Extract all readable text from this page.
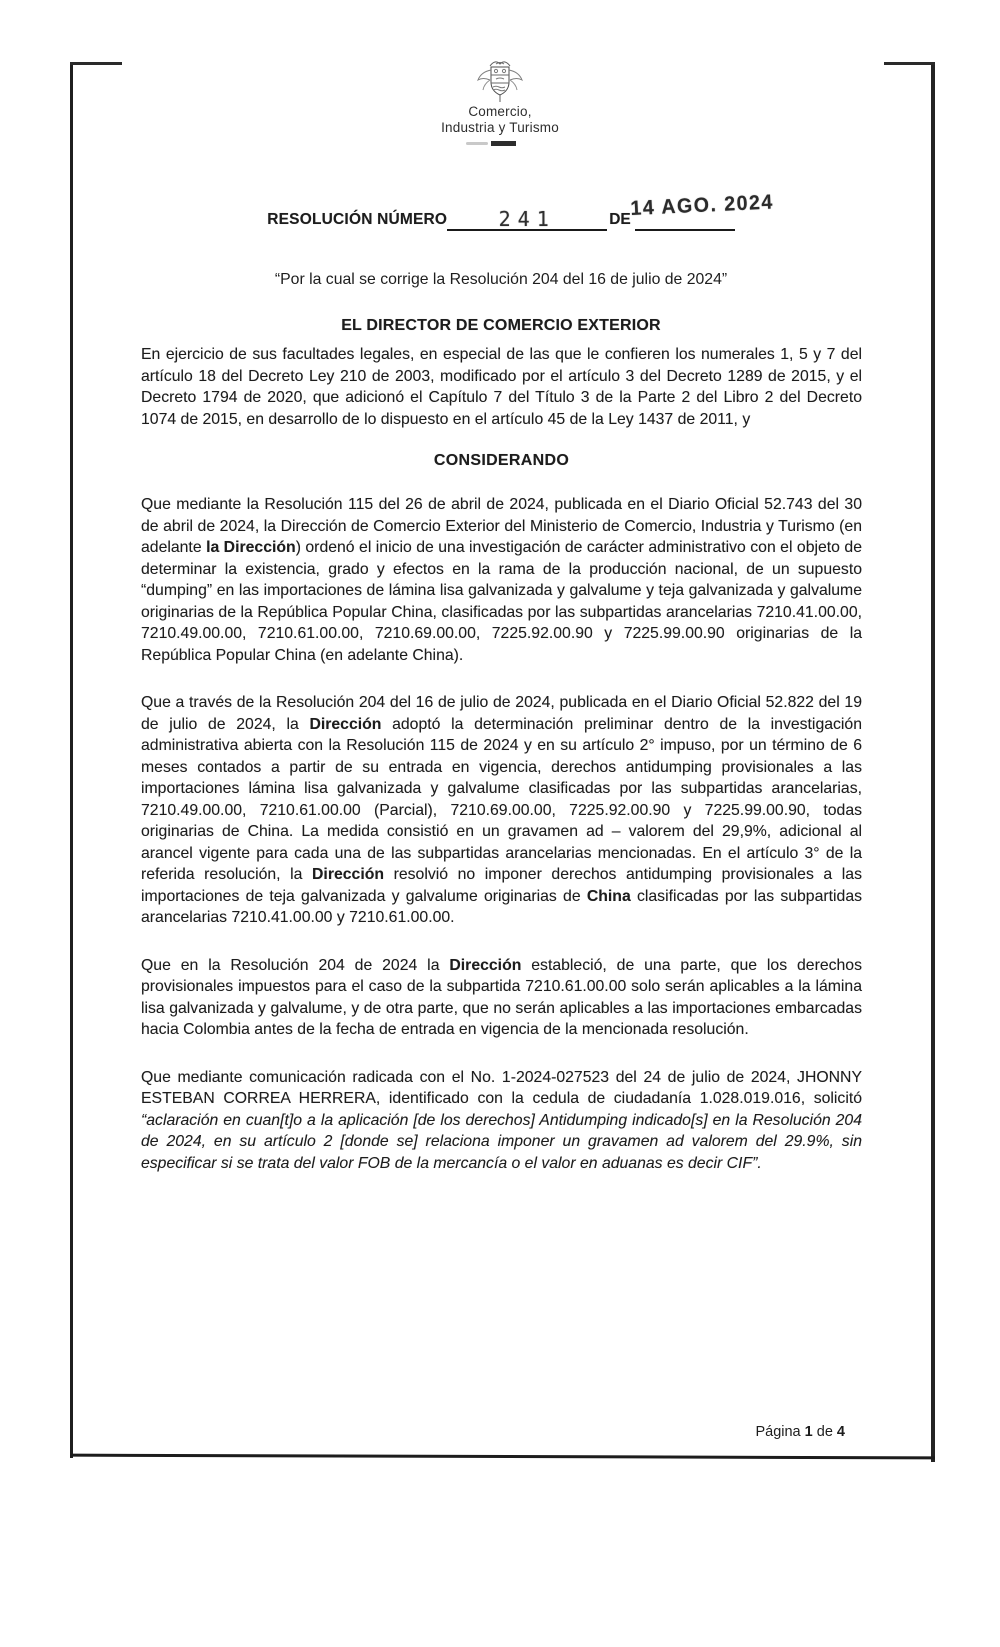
Comercio,
Industria y Turismo
RESOLUCIÓN NÚMERO	241	DE
14 AGO. 2024
“Por la cual se corrige la Resolución 204 del 16 de julio de 2024”
EL DIRECTOR DE COMERCIO EXTERIOR
En ejercicio de sus facultades legales, en especial de las que le confieren los numerales 1, 5 y 7 del artículo 18 del Decreto Ley 210 de 2003, modificado por el artículo 3 del Decreto 1289 de 2015, y el Decreto 1794 de 2020, que adicionó el Capítulo 7 del Título 3 de la Parte 2 del Libro 2 del Decreto 1074 de 2015, en desarrollo de lo dispuesto en el artículo 45 de la Ley 1437 de 2011, y
CONSIDERANDO
Que mediante la Resolución 115 del 26 de abril de 2024, publicada en el Diario Oficial 52.743 del 30 de abril de 2024, la Dirección de Comercio Exterior del Ministerio de Comercio, Industria y Turismo (en adelante la Dirección) ordenó el inicio de una investigación de carácter administrativo con el objeto de determinar la existencia, grado y efectos en la rama de la producción nacional, de un supuesto “dumping” en las importaciones de lámina lisa galvanizada y galvalume y teja galvanizada y galvalume originarias de la República Popular China, clasificadas por las subpartidas arancelarias 7210.41.00.00, 7210.49.00.00, 7210.61.00.00, 7210.69.00.00, 7225.92.00.90 y 7225.99.00.90 originarias de la República Popular China (en adelante China).
Que a través de la Resolución 204 del 16 de julio de 2024, publicada en el Diario Oficial 52.822 del 19 de julio de 2024, la Dirección adoptó la determinación preliminar dentro de la investigación administrativa abierta con la Resolución 115 de 2024 y en su artículo 2° impuso, por un término de 6 meses contados a partir de su entrada en vigencia, derechos antidumping provisionales a las importaciones lámina lisa galvanizada y galvalume clasificadas por las subpartidas arancelarias, 7210.49.00.00, 7210.61.00.00 (Parcial), 7210.69.00.00, 7225.92.00.90 y 7225.99.00.90, todas originarias de China. La medida consistió en un gravamen ad – valorem del 29,9%, adicional al arancel vigente para cada una de las subpartidas arancelarias mencionadas. En el artículo 3° de la referida resolución, la Dirección resolvió no imponer derechos antidumping provisionales a las importaciones de teja galvanizada y galvalume originarias de China clasificadas por las subpartidas arancelarias 7210.41.00.00 y 7210.61.00.00.
Que en la Resolución 204 de 2024 la Dirección estableció, de una parte, que los derechos provisionales impuestos para el caso de la subpartida 7210.61.00.00 solo serán aplicables a la lámina lisa galvanizada y galvalume, y de otra parte, que no serán aplicables a las importaciones embarcadas hacia Colombia antes de la fecha de entrada en vigencia de la mencionada resolución.
Que mediante comunicación radicada con el No. 1-2024-027523 del 24 de julio de 2024, JHONNY ESTEBAN CORREA HERRERA, identificado con la cedula de ciudadanía 1.028.019.016, solicitó “aclaración en cuan[t]o a la aplicación [de los derechos] Antidumping indicado[s] en la Resolución 204 de 2024, en su artículo 2 [donde se] relaciona imponer un gravamen ad valorem del 29.9%, sin especificar si se trata del valor FOB de la mercancía o el valor en aduanas es decir CIF”.
Página 1 de 4
